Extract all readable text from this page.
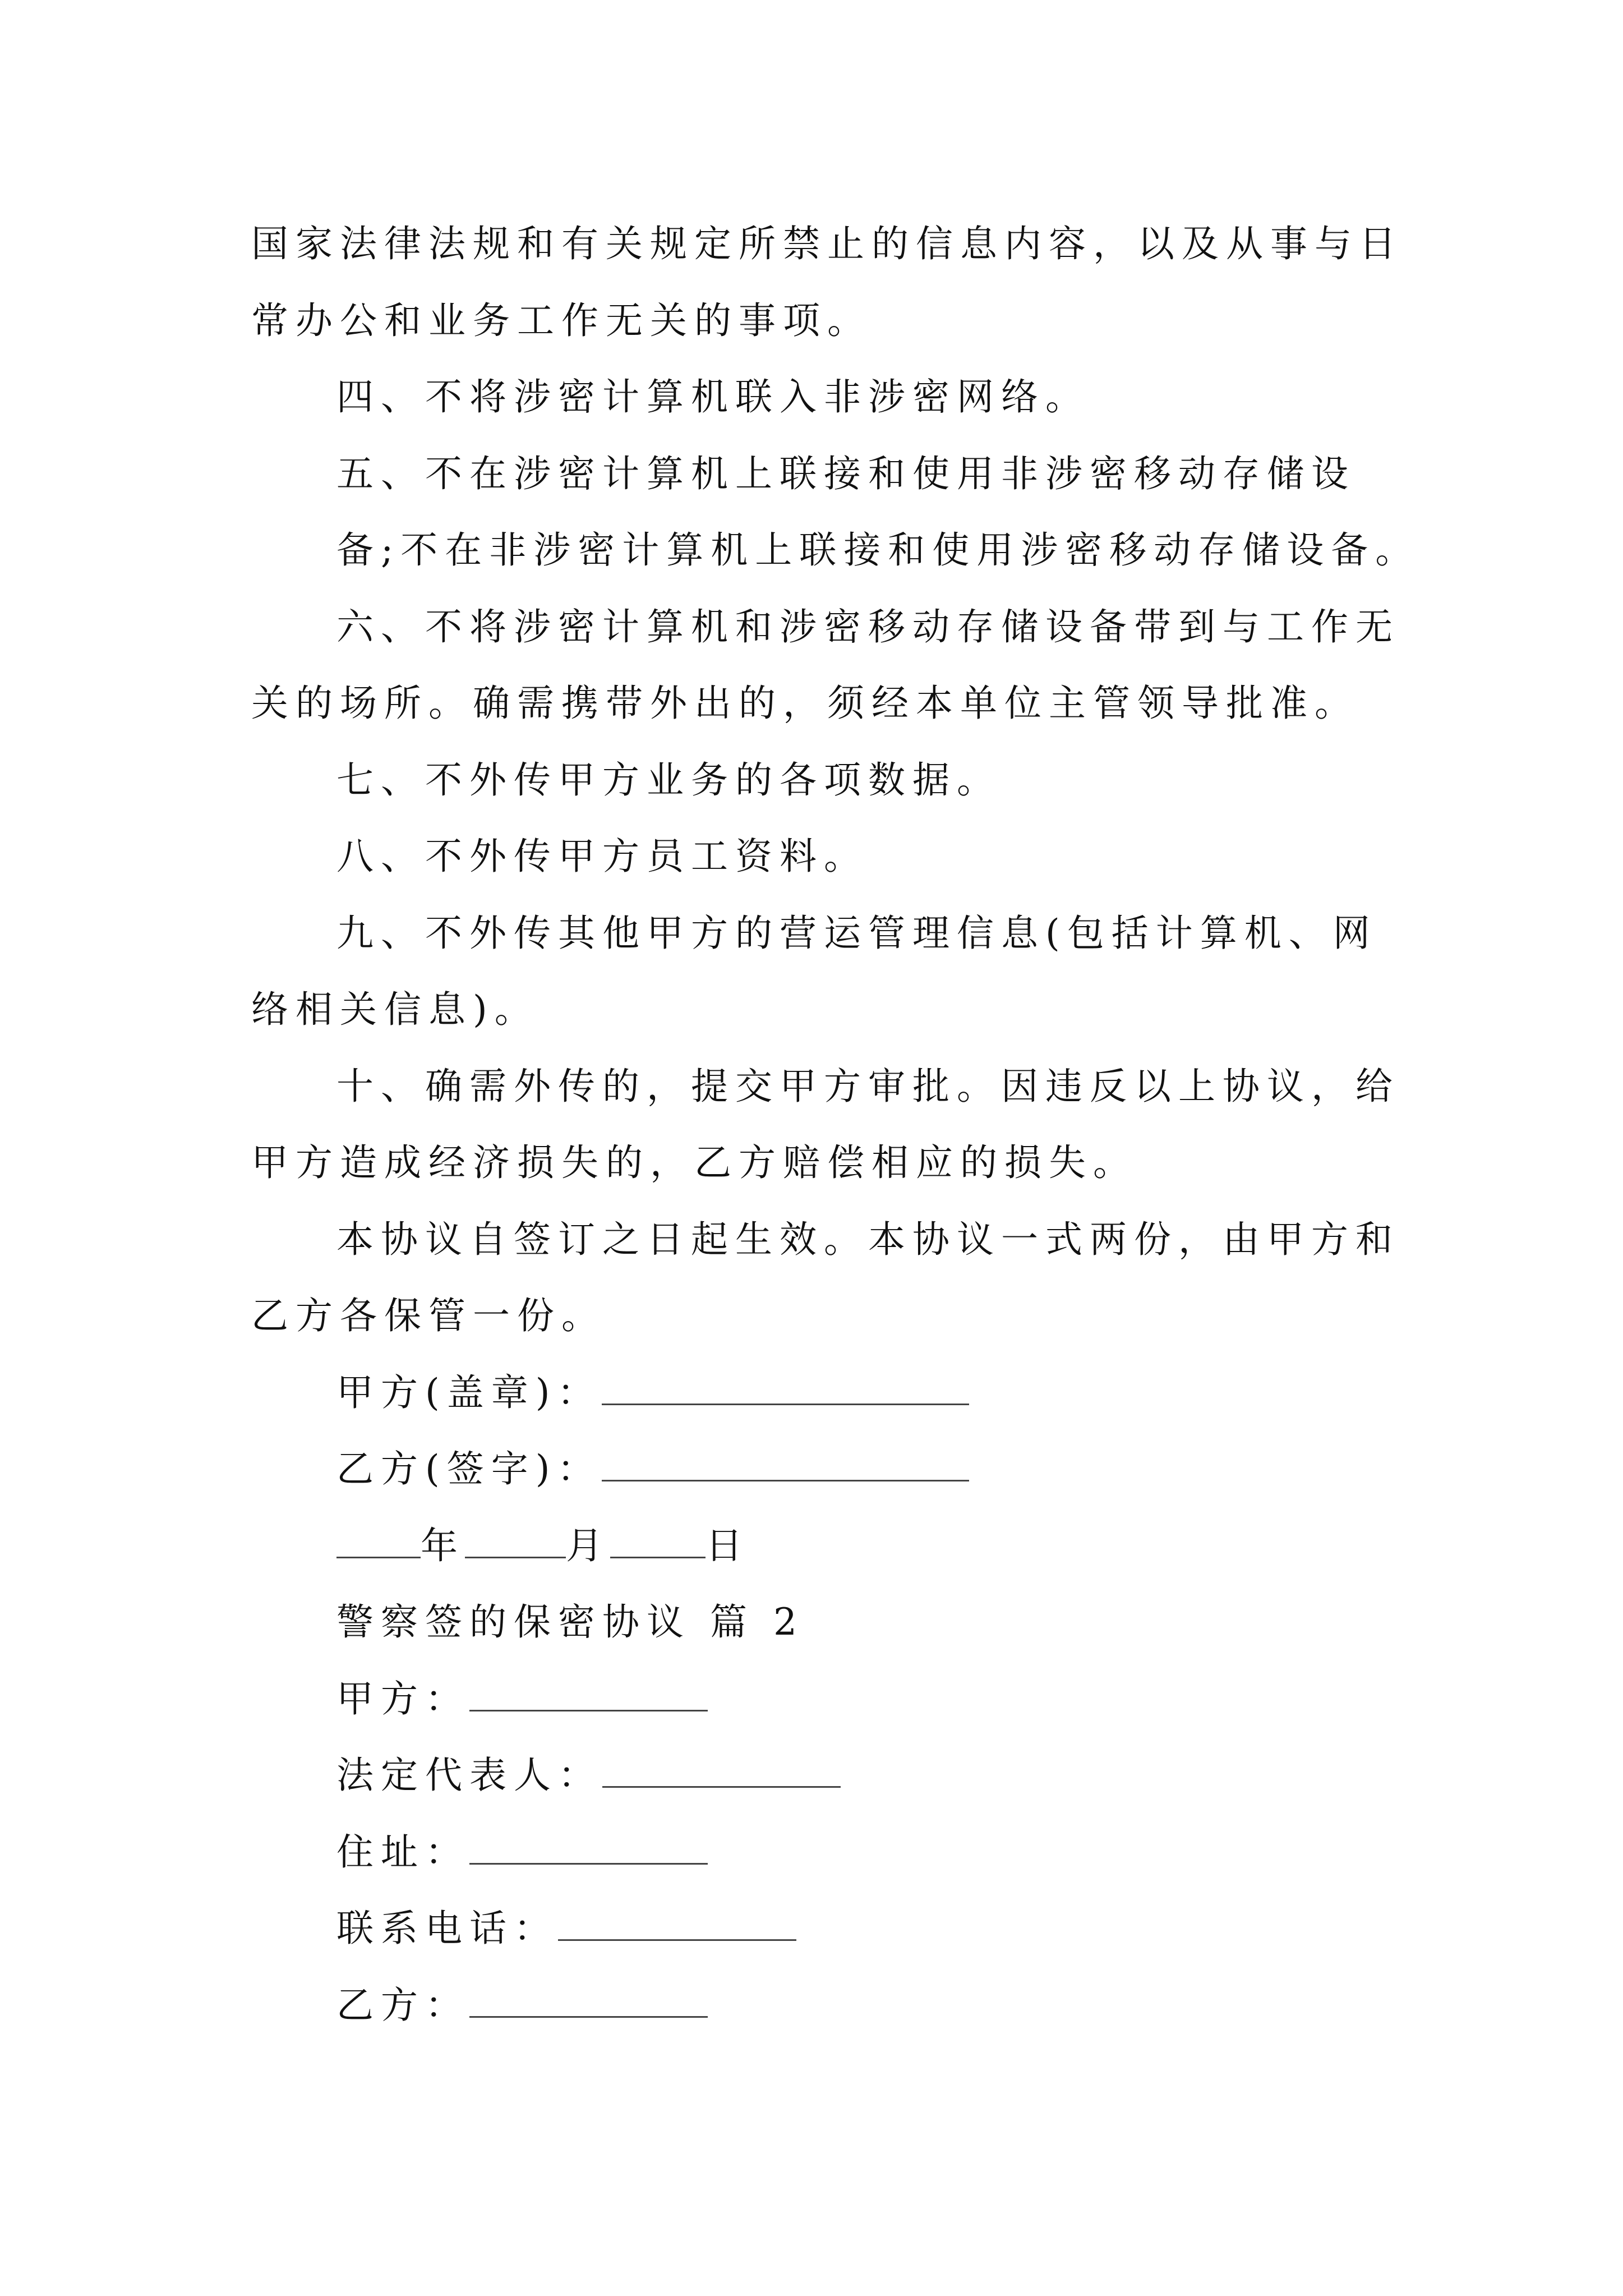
国家法律法规和有关规定所禁止的信息内容，以及从事与日
常办公和业务工作无关的事项。
四、不将涉密计算机联入非涉密网络。
五、不在涉密计算机上联接和使用非涉密移动存储设
备;不在非涉密计算机上联接和使用涉密移动存储设备。
六、不将涉密计算机和涉密移动存储设备带到与工作无
关的场所。确需携带外出的，须经本单位主管领导批准。
七、不外传甲方业务的各项数据。
八、不外传甲方员工资料。
九、不外传其他甲方的营运管理信息(包括计算机、网
络相关信息)。
十、确需外传的，提交甲方审批。因违反以上协议，给
甲方造成经济损失的，乙方赔偿相应的损失。
本协议自签订之日起生效。本协议一式两份，由甲方和
乙方各保管一份。
甲方(盖章)：
乙方(签字)：
年	月	日
警察签的保密协议 篇 2
甲方：
法定代表人：
住址：
联系电话：
乙方：
